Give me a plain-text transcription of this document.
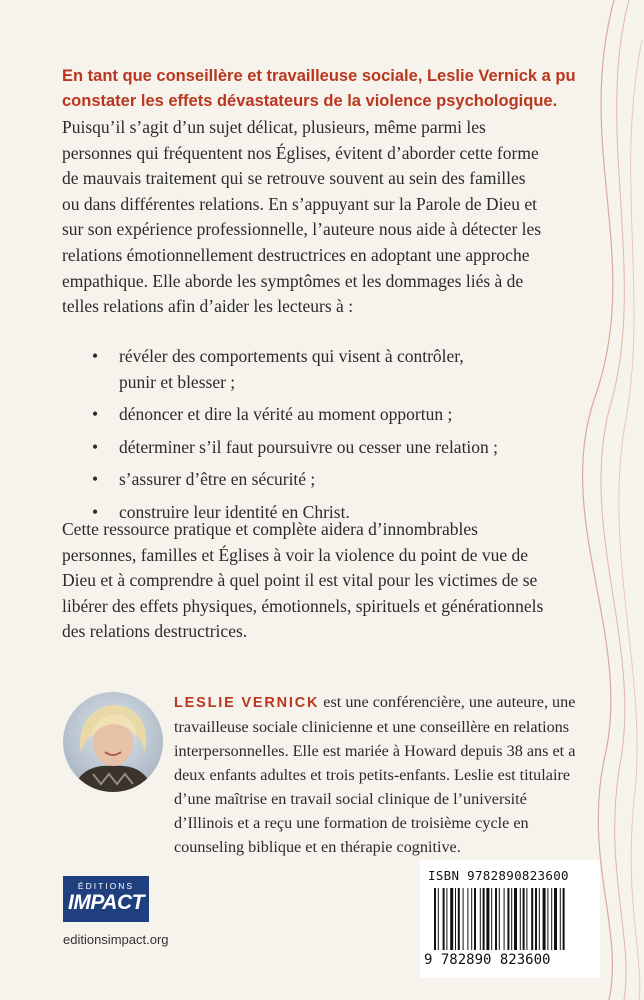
En tant que conseillère et travailleuse sociale, Leslie Vernick a pu
constater les effets dévastateurs de la violence psychologique.
Puisqu’il s’agit d’un sujet délicat, plusieurs, même parmi les
personnes qui fréquentent nos Églises, évitent d’aborder cette forme
de mauvais traitement qui se retrouve souvent au sein des familles
ou dans différentes relations. En s’appuyant sur la Parole de Dieu et
sur son expérience professionnelle, l’auteure nous aide à détecter les
relations émotionnellement destructrices en adoptant une approche
empathique. Elle aborde les symptômes et les dommages liés à de
telles relations afin d’aider les lecteurs à :
• révéler des comportements qui visent à contrôler,
punir et blesser ;
• dénoncer et dire la vérité au moment opportun ;
• déterminer s’il faut poursuivre ou cesser une relation ;
• s’assurer d’être en sécurité ;
• construire leur identité en Christ.
Cette ressource pratique et complète aidera d’innombrables
personnes, familles et Églises à voir la violence du point de vue de
Dieu et à comprendre à quel point il est vital pour les victimes de se
libérer des effets physiques, émotionnels, spirituels et générationnels
des relations destructrices.
LESLIE VERNICK est une conférencière, une auteure, une
travailleuse sociale clinicienne et une conseillère en relations
interpersonnelles. Elle est mariée à Howard depuis 38 ans et a
deux enfants adultes et trois petits-enfants. Leslie est titulaire
d’une maîtrise en travail social clinique de l’université
d’Illinois et a reçu une formation de troisième cycle en
counseling biblique et en thérapie cognitive.
ÉDITIONS
IMPACT
editionsimpact.org
ISBN 9782890823600
9 782890 823600
